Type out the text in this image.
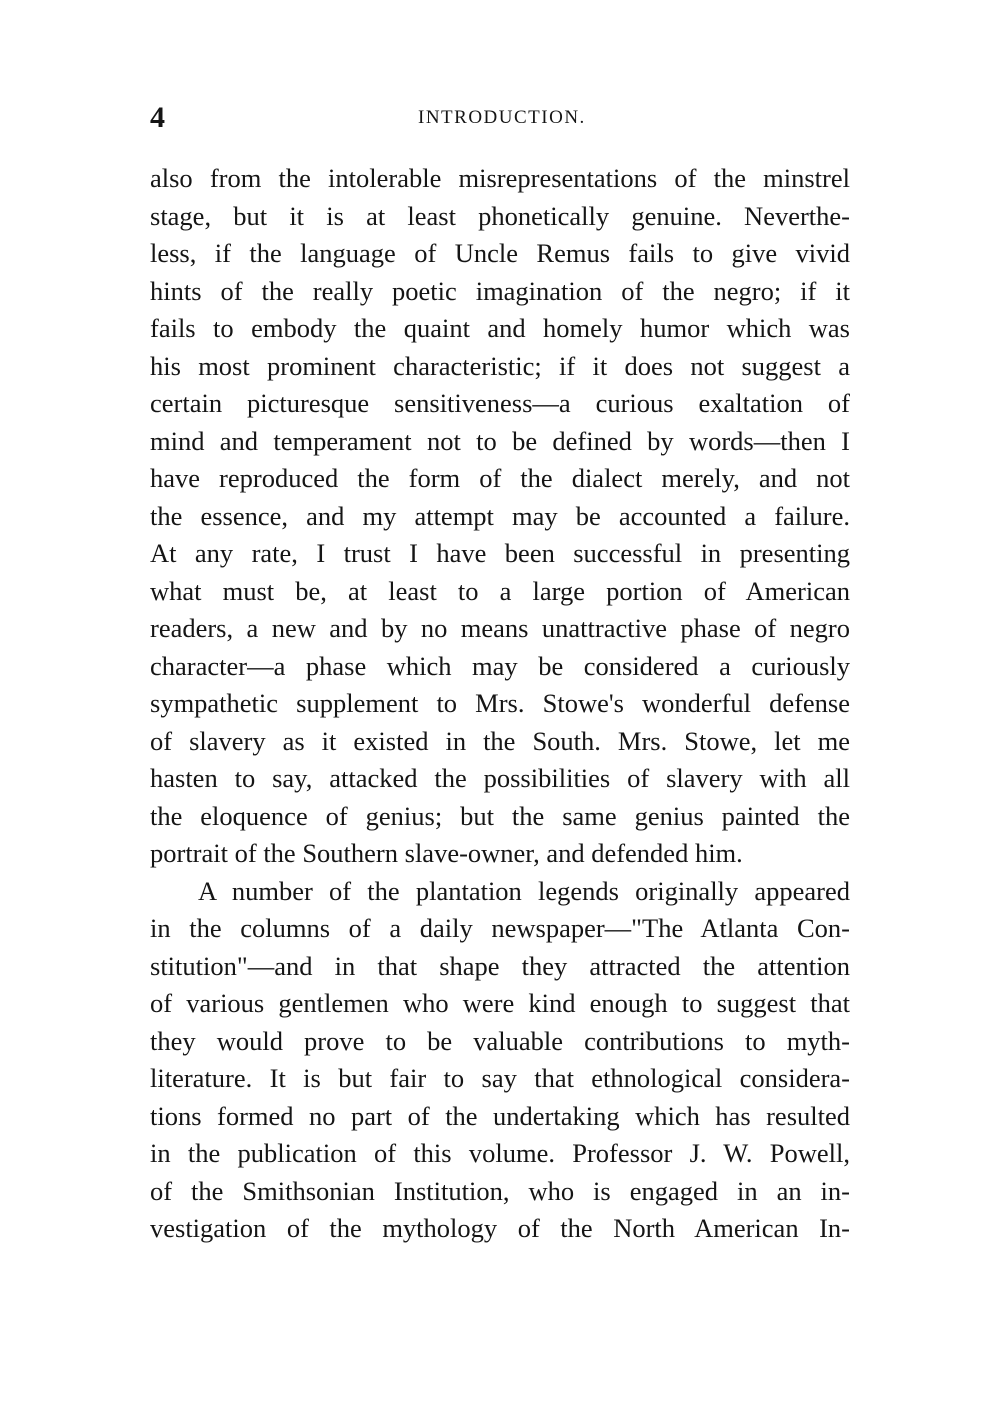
4	INTRODUCTION.
also from the intolerable misrepresentations of the minstrel
stage, but it is at least phonetically genuine. Neverthe-
less, if the language of Uncle Remus fails to give vivid
hints of the really poetic imagination of the negro; if it
fails to embody the quaint and homely humor which was
his most prominent characteristic; if it does not suggest a
certain picturesque sensitiveness—a curious exaltation of
mind and temperament not to be defined by words—then I
have reproduced the form of the dialect merely, and not
the essence, and my attempt may be accounted a failure.
At any rate, I trust I have been successful in presenting
what must be, at least to a large portion of American
readers, a new and by no means unattractive phase of negro
character—a phase which may be considered a curiously
sympathetic supplement to Mrs. Stowe's wonderful defense
of slavery as it existed in the South. Mrs. Stowe, let me
hasten to say, attacked the possibilities of slavery with all
the eloquence of genius; but the same genius painted the
portrait of the Southern slave-owner, and defended him.
A number of the plantation legends originally appeared
in the columns of a daily newspaper—"The Atlanta Con-
stitution"—and in that shape they attracted the attention
of various gentlemen who were kind enough to suggest that
they would prove to be valuable contributions to myth-
literature. It is but fair to say that ethnological considera-
tions formed no part of the undertaking which has resulted
in the publication of this volume. Professor J. W. Powell,
of the Smithsonian Institution, who is engaged in an in-
vestigation of the mythology of the North American In-
